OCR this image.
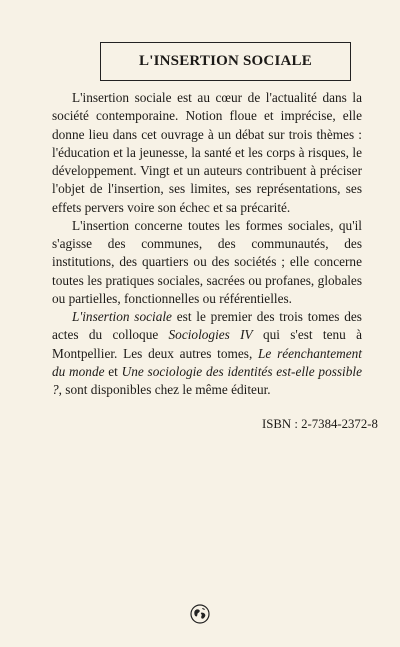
L'INSERTION SOCIALE

L'insertion sociale est au cœur de l'actualité dans la société contemporaine. Notion floue et imprécise, elle donne lieu dans cet ouvrage à un débat sur trois thèmes : l'éducation et la jeunesse, la santé et les corps à risques, le développement. Vingt et un auteurs contribuent à préciser l'objet de l'insertion, ses limites, ses représentations, ses effets pervers voire son échec et sa précarité.

L'insertion concerne toutes les formes sociales, qu'il s'agisse des communes, des communautés, des institutions, des quartiers ou des sociétés ; elle concerne toutes les pratiques sociales, sacrées ou profanes, globales ou partielles, fonctionnelles ou référentielles.

L'insertion sociale est le premier des trois tomes des actes du colloque Sociologies IV qui s'est tenu à Montpellier. Les deux autres tomes, Le réenchantement du monde et Une sociologie des identités est-elle possible ?, sont disponibles chez le même éditeur.

ISBN : 2-7384-2372-8
